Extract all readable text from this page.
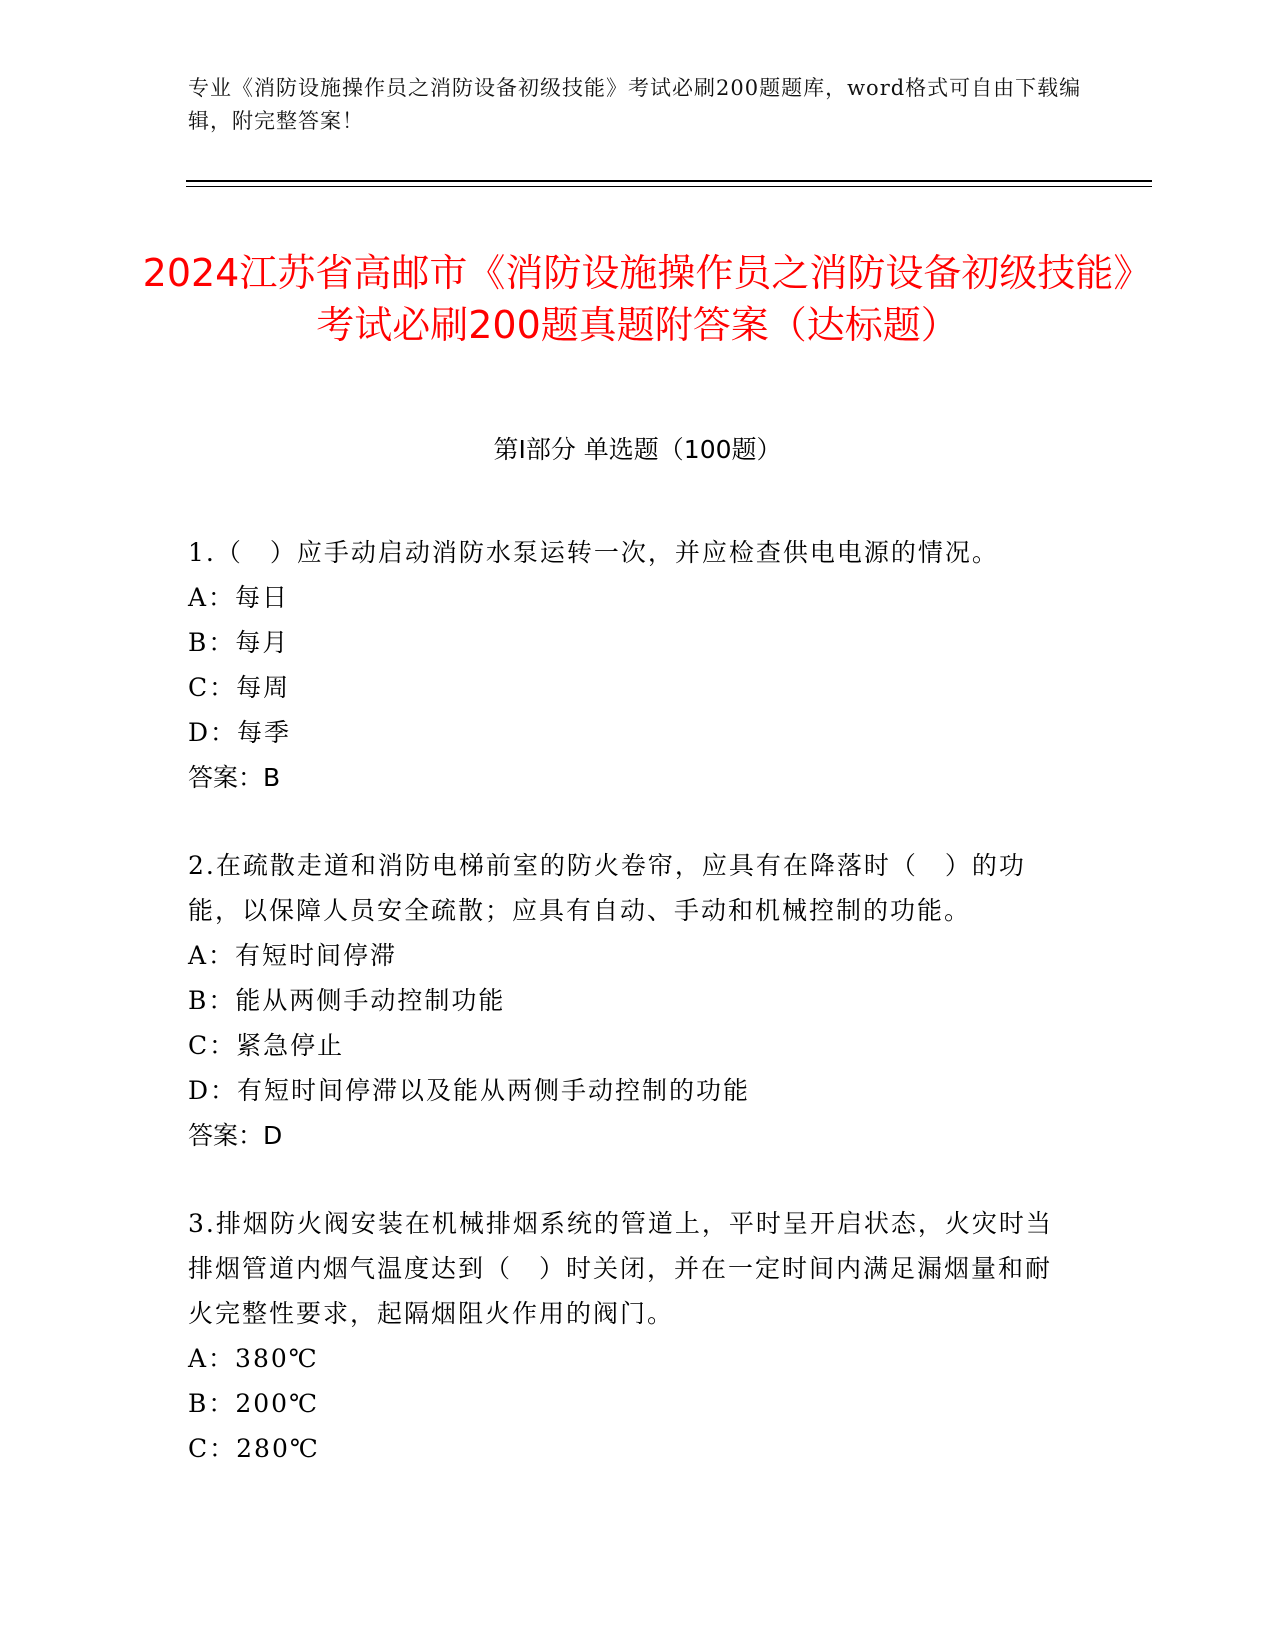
专业《消防设施操作员之消防设备初级技能》考试必刷200题题库，word格式可自由下载编辑，附完整答案！
2024江苏省高邮市《消防设施操作员之消防设备初级技能》考试必刷200题真题附答案（达标题）
第Ⅰ部分 单选题（100题）

1.（　）应手动启动消防水泵运转一次，并应检查供电电源的情况。

A：每日

B：每月

C：每周

D：每季

答案：B

2.在疏散走道和消防电梯前室的防火卷帘，应具有在降落时（　）的功能，以保障人员安全疏散；应具有自动、手动和机械控制的功能。

A：有短时间停滞

B：能从两侧手动控制功能

C：紧急停止

D：有短时间停滞以及能从两侧手动控制的功能

答案：D

3.排烟防火阀安装在机械排烟系统的管道上，平时呈开启状态，火灾时当排烟管道内烟气温度达到（　）时关闭，并在一定时间内满足漏烟量和耐火完整性要求，起隔烟阻火作用的阀门。

A：380℃

B：200℃

C：280℃
